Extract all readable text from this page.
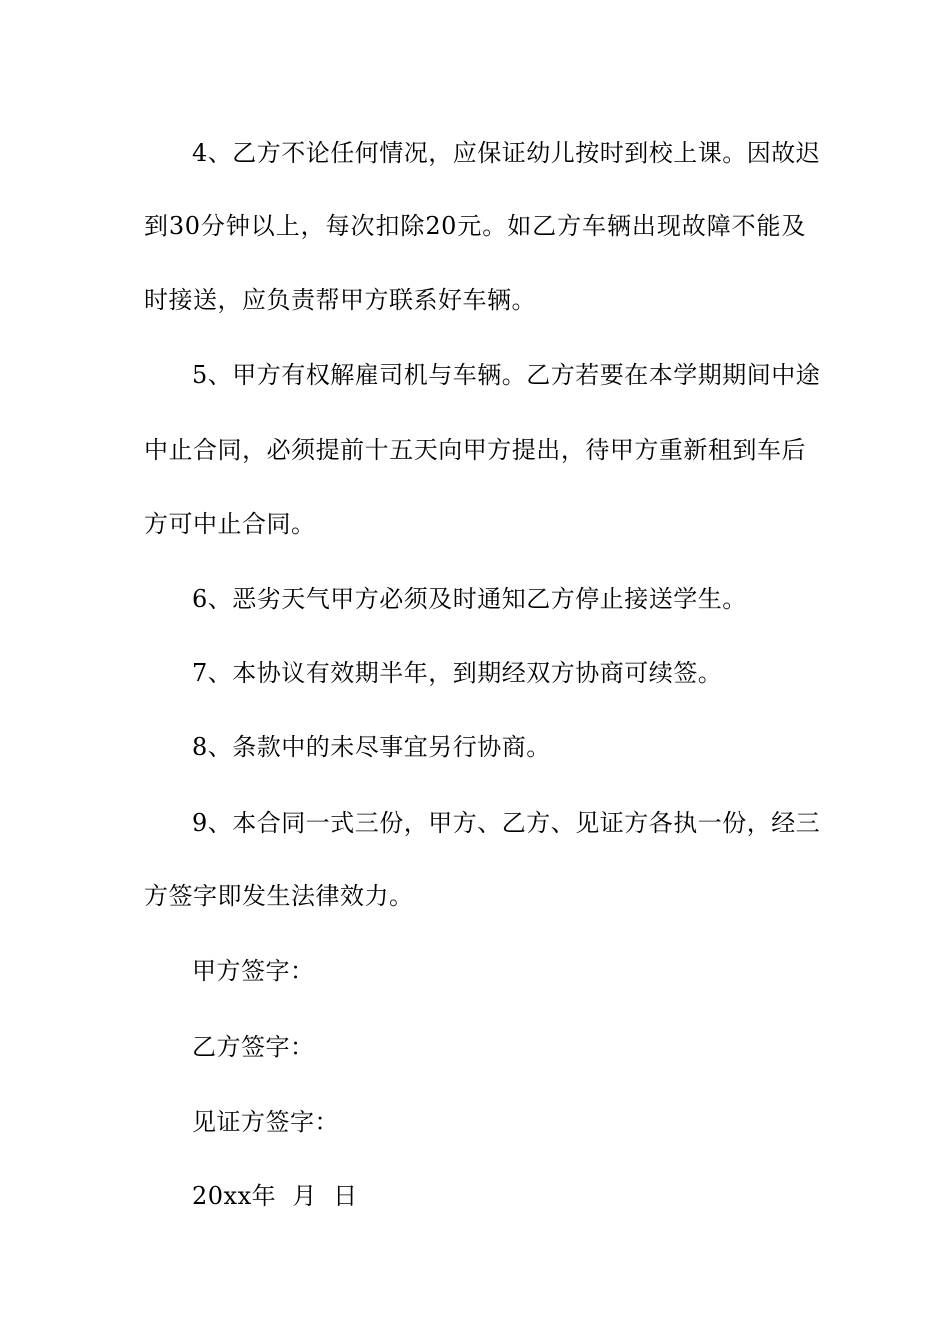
4、乙方不论任何情况，应保证幼儿按时到校上课。因故迟
到30分钟以上，每次扣除20元。如乙方车辆出现故障不能及
时接送，应负责帮甲方联系好车辆。
5、甲方有权解雇司机与车辆。乙方若要在本学期期间中途
中止合同，必须提前十五天向甲方提出，待甲方重新租到车后
方可中止合同。
6、恶劣天气甲方必须及时通知乙方停止接送学生。
7、本协议有效期半年，到期经双方协商可续签。
8、条款中的未尽事宜另行协商。
9、本合同一式三份，甲方、乙方、见证方各执一份，经三
方签字即发生法律效力。
甲方签字：
乙方签字：
见证方签字：
20xx年  月  日
